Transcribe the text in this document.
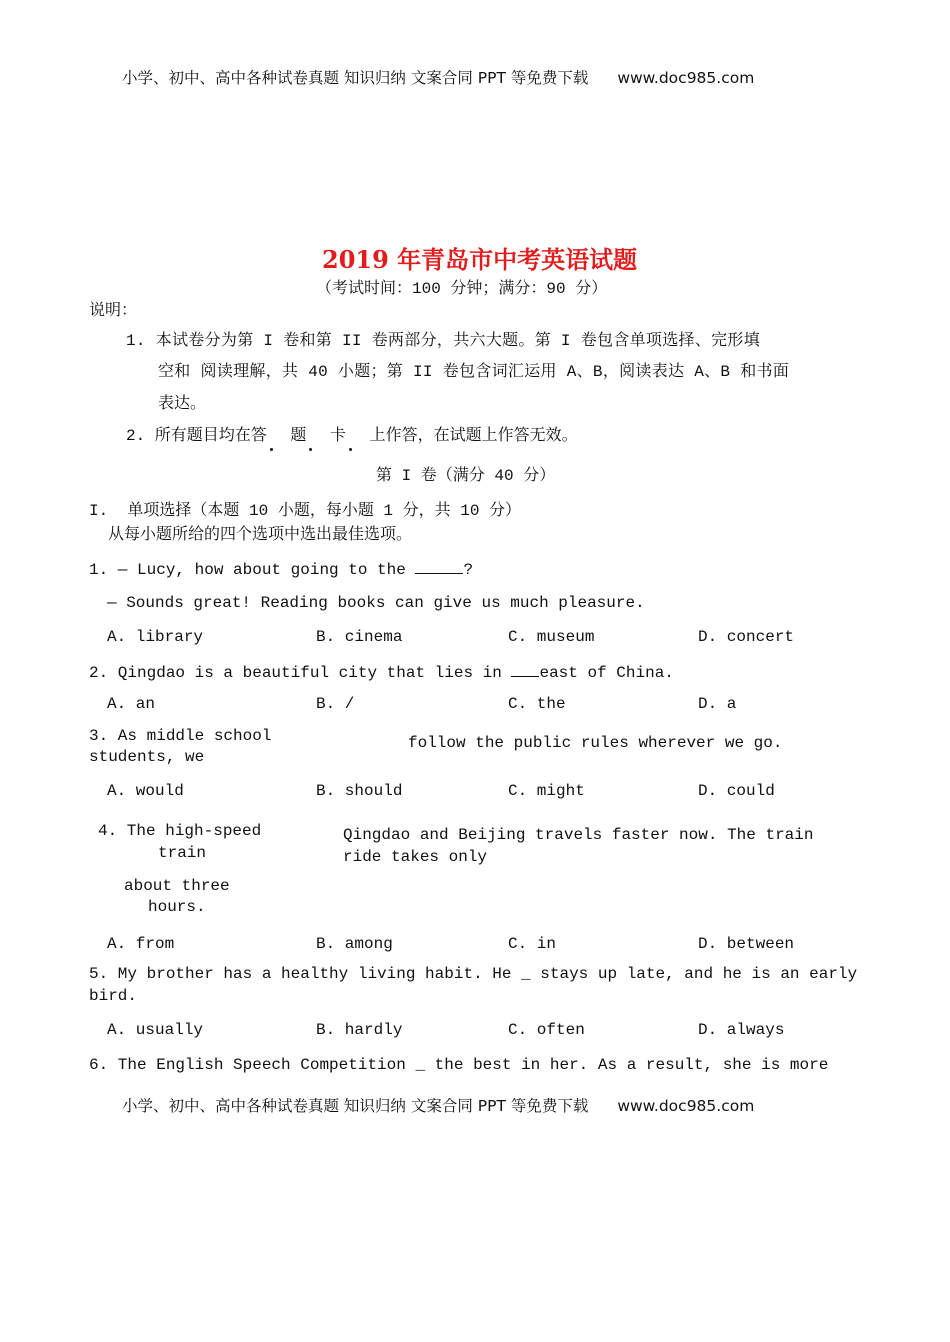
小学、初中、高中各种试卷真题 知识归纳 文案合同 PPT 等免费下载 www.doc985.com
2019 年青岛市中考英语试题
（考试时间：100 分钟；满分：90 分）
说明：
1. 本试卷分为第 I 卷和第 II 卷两部分，共六大题。第 I 卷包含单项选择、完形填
空和 阅读理解，共 40 小题；第 II 卷包含词汇运用 A、B，阅读表达 A、B 和书面
表达。
2. 所有题目均在答 题 卡 上作答，在试题上作答无效。
第 I 卷（满分 40 分）
I.  单项选择（本题 10 小题，每小题 1 分，共 10 分）
从每小题所给的四个选项中选出最佳选项。
1. — Lucy, how about going to the	?
— Sounds great! Reading books can give us much pleasure.
A. library	B. cinema	C. museum	D. concert
2. Qingdao is a beautiful city that lies in east of China.
A. an	B. /	C. the	D. a
3. As middle school
students, we
follow the public rules wherever we go.
A. would	B. should	C. might	D. could
4. The high-speed
train
Qingdao and Beijing travels faster now. The train
ride takes only
about three
hours.
A. from	B. among	C. in	D. between
5. My brother has a healthy living habit. He _ stays up late, and he is an early
bird.
A. usually	B. hardly	C. often	D. always
6. The English Speech Competition _ the best in her. As a result, she is more
小学、初中、高中各种试卷真题 知识归纳 文案合同 PPT 等免费下载 www.doc985.com
